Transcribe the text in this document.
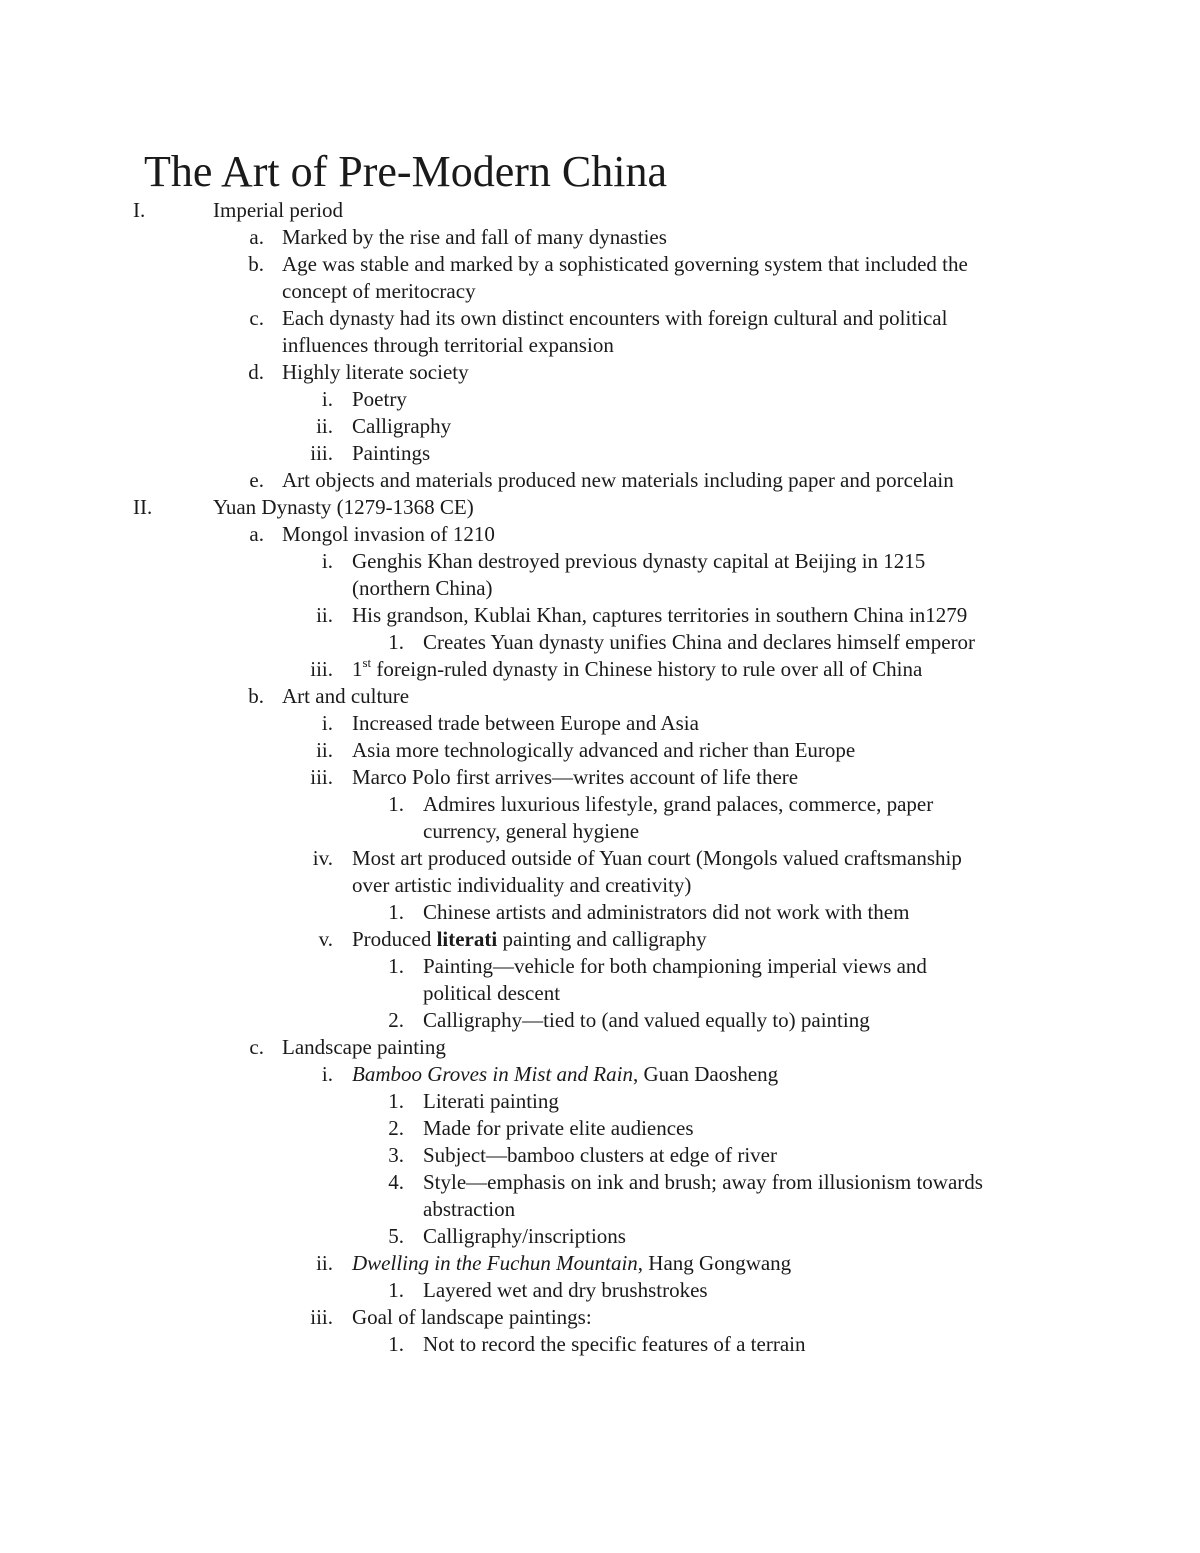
The Art of Pre-Modern China
I.	Imperial period
a. Marked by the rise and fall of many dynasties
b. Age was stable and marked by a sophisticated governing system that included the
concept of meritocracy
c. Each dynasty had its own distinct encounters with foreign cultural and political
influences through territorial expansion
d. Highly literate society
i. Poetry
ii. Calligraphy
iii. Paintings
e. Art objects and materials produced new materials including paper and porcelain
II.	Yuan Dynasty (1279-1368 CE)
a. Mongol invasion of 1210
i. Genghis Khan destroyed previous dynasty capital at Beijing in 1215
(northern China)
ii. His grandson, Kublai Khan, captures territories in southern China in1279
1. Creates Yuan dynasty unifies China and declares himself emperor
iii. 1st foreign-ruled dynasty in Chinese history to rule over all of China
b. Art and culture
i. Increased trade between Europe and Asia
ii. Asia more technologically advanced and richer than Europe
iii. Marco Polo first arrives—writes account of life there
1. Admires luxurious lifestyle, grand palaces, commerce, paper
currency, general hygiene
iv. Most art produced outside of Yuan court (Mongols valued craftsmanship
over artistic individuality and creativity)
1. Chinese artists and administrators did not work with them
v. Produced literati painting and calligraphy
1. Painting—vehicle for both championing imperial views and
political descent
2. Calligraphy—tied to (and valued equally to) painting
c. Landscape painting
i. Bamboo Groves in Mist and Rain, Guan Daosheng
1. Literati painting
2. Made for private elite audiences
3. Subject—bamboo clusters at edge of river
4. Style—emphasis on ink and brush; away from illusionism towards
abstraction
5. Calligraphy/inscriptions
ii. Dwelling in the Fuchun Mountain, Hang Gongwang
1. Layered wet and dry brushstrokes
iii. Goal of landscape paintings:
1. Not to record the specific features of a terrain
